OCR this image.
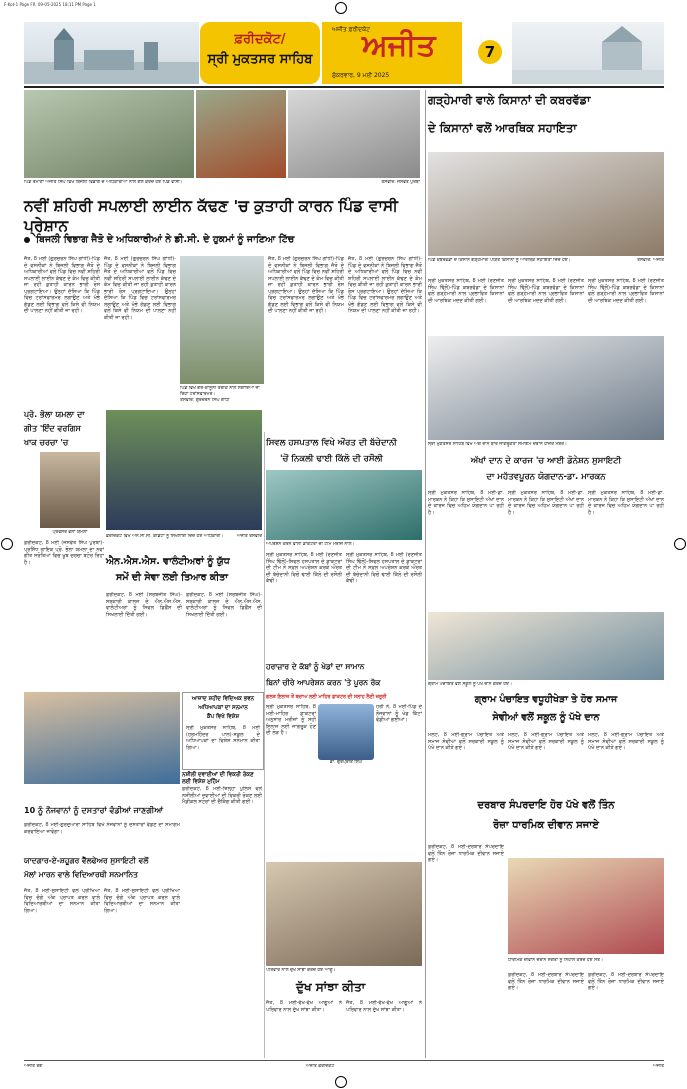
F-Kot-1 Page FR. 09-05-2025 18:11 PM Page 1
ਫ਼ਰੀਦਕੋਟ/
ਸ੍ਰੀ ਮੁਕਤਸਰ ਸਾਹਿਬ
ਅਜੀਤ ਫ਼ਰੀਦਕੋਟ
ਅਜੀਤ
ਸ਼ੁੱਕਰਵਾਰ, 9 ਮਈ 2025
7
ਪਿੰਡ ਰੋਮਾਣਾ ਅਜੀਤ ਸਿੰਘ ਵਿਖੇ ਬਿਜਲੀ ਵਿਭਾਗ ਦੇ ਅਧਿਕਾਰੀਆਂ ਨਾਲ ਗੱਲ ਕਰਦੇ ਹੋਏ ਪਿੰਡ ਵਾਸੀ।	ਤਸਵੀਰ: ਜਸਵੰਤ ਪੁਰਬਾ
ਨਵੀਂ ਸ਼ਹਿਰੀ ਸਪਲਾਈ ਲਾਈਨ ਕੱਢਣ 'ਚ ਕੁਤਾਹੀ ਕਾਰਨ ਪਿੰਡ ਵਾਸੀ ਪ੍ਰੇਸ਼ਾਨ
ਬਿਜਲੀ ਵਿਭਾਗ ਜੈਤੋ ਦੇ ਅਧਿਕਾਰੀਆਂ ਨੇ ਡੀ.ਸੀ. ਦੇ ਹੁਕਮਾਂ ਨੂੰ ਜਾਣਿਆ ਟਿੱਚ
ਜੈਤੋ, 8 ਮਈ (ਗੁਰਚਰਨ ਸਿੰਘ ਗਾਂਧੀ)-ਪਿੰਡ ਦੇ ਵਸਨੀਕਾਂ ਨੇ ਬਿਜਲੀ ਵਿਭਾਗ ਜੈਤੋ ਦੇ ਅਧਿਕਾਰੀਆਂ ਵਲੋਂ ਪਿੰਡ ਵਿਚ ਨਵੀਂ ਸ਼ਹਿਰੀ ਸਪਲਾਈ ਲਾਈਨ ਕੱਢਣ ਦੇ ਕੰਮ ਵਿਚ ਕੀਤੀ ਜਾ ਰਹੀ ਕੁਤਾਹੀ ਕਾਰਨ ਭਾਰੀ ਰੋਸ ਪ੍ਰਗਟਾਇਆ। ਉਨ੍ਹਾਂ ਦੱਸਿਆ ਕਿ ਪਿੰਡ ਵਿਚ ਟਰਾਂਸਫਾਰਮਰ ਲਗਾਉਣ ਅਤੇ ਖੰਭੇ ਗੱਡਣ ਲਈ ਵਿਭਾਗ ਵਲੋਂ ਕਿਸੇ ਵੀ ਨਿਯਮ ਦੀ ਪਾਲਣਾ ਨਹੀਂ ਕੀਤੀ ਜਾ ਰਹੀ।
ਜੈਤੋ, 8 ਮਈ (ਗੁਰਚਰਨ ਸਿੰਘ ਗਾਂਧੀ)-ਪਿੰਡ ਦੇ ਵਸਨੀਕਾਂ ਨੇ ਬਿਜਲੀ ਵਿਭਾਗ ਜੈਤੋ ਦੇ ਅਧਿਕਾਰੀਆਂ ਵਲੋਂ ਪਿੰਡ ਵਿਚ ਨਵੀਂ ਸ਼ਹਿਰੀ ਸਪਲਾਈ ਲਾਈਨ ਕੱਢਣ ਦੇ ਕੰਮ ਵਿਚ ਕੀਤੀ ਜਾ ਰਹੀ ਕੁਤਾਹੀ ਕਾਰਨ ਭਾਰੀ ਰੋਸ ਪ੍ਰਗਟਾਇਆ। ਉਨ੍ਹਾਂ ਦੱਸਿਆ ਕਿ ਪਿੰਡ ਵਿਚ ਟਰਾਂਸਫਾਰਮਰ ਲਗਾਉਣ ਅਤੇ ਖੰਭੇ ਗੱਡਣ ਲਈ ਵਿਭਾਗ ਵਲੋਂ ਕਿਸੇ ਵੀ ਨਿਯਮ ਦੀ ਪਾਲਣਾ ਨਹੀਂ ਕੀਤੀ ਜਾ ਰਹੀ।
ਪਿੰਡ ਵਿਖੇ ਗੈਰ-ਕਾਨੂੰਨੀ ਤਰੀਕੇ ਨਾਲ ਲਗਾਇਆ ਜਾ ਰਿਹਾ ਟਰਾਂਸਫਾਰਮਰ।
ਤਸਵੀਰ: ਗੁਰਚਰਨ ਸਿੰਘ ਗਾਂਧੀ
ਜੈਤੋ, 8 ਮਈ (ਗੁਰਚਰਨ ਸਿੰਘ ਗਾਂਧੀ)-ਪਿੰਡ ਦੇ ਵਸਨੀਕਾਂ ਨੇ ਬਿਜਲੀ ਵਿਭਾਗ ਜੈਤੋ ਦੇ ਅਧਿਕਾਰੀਆਂ ਵਲੋਂ ਪਿੰਡ ਵਿਚ ਨਵੀਂ ਸ਼ਹਿਰੀ ਸਪਲਾਈ ਲਾਈਨ ਕੱਢਣ ਦੇ ਕੰਮ ਵਿਚ ਕੀਤੀ ਜਾ ਰਹੀ ਕੁਤਾਹੀ ਕਾਰਨ ਭਾਰੀ ਰੋਸ ਪ੍ਰਗਟਾਇਆ। ਉਨ੍ਹਾਂ ਦੱਸਿਆ ਕਿ ਪਿੰਡ ਵਿਚ ਟਰਾਂਸਫਾਰਮਰ ਲਗਾਉਣ ਅਤੇ ਖੰਭੇ ਗੱਡਣ ਲਈ ਵਿਭਾਗ ਵਲੋਂ ਕਿਸੇ ਵੀ ਨਿਯਮ ਦੀ ਪਾਲਣਾ ਨਹੀਂ ਕੀਤੀ ਜਾ ਰਹੀ।
ਜੈਤੋ, 8 ਮਈ (ਗੁਰਚਰਨ ਸਿੰਘ ਗਾਂਧੀ)-ਪਿੰਡ ਦੇ ਵਸਨੀਕਾਂ ਨੇ ਬਿਜਲੀ ਵਿਭਾਗ ਜੈਤੋ ਦੇ ਅਧਿਕਾਰੀਆਂ ਵਲੋਂ ਪਿੰਡ ਵਿਚ ਨਵੀਂ ਸ਼ਹਿਰੀ ਸਪਲਾਈ ਲਾਈਨ ਕੱਢਣ ਦੇ ਕੰਮ ਵਿਚ ਕੀਤੀ ਜਾ ਰਹੀ ਕੁਤਾਹੀ ਕਾਰਨ ਭਾਰੀ ਰੋਸ ਪ੍ਰਗਟਾਇਆ। ਉਨ੍ਹਾਂ ਦੱਸਿਆ ਕਿ ਪਿੰਡ ਵਿਚ ਟਰਾਂਸਫਾਰਮਰ ਲਗਾਉਣ ਅਤੇ ਖੰਭੇ ਗੱਡਣ ਲਈ ਵਿਭਾਗ ਵਲੋਂ ਕਿਸੇ ਵੀ ਨਿਯਮ ਦੀ ਪਾਲਣਾ ਨਹੀਂ ਕੀਤੀ ਜਾ ਰਹੀ।
ਪ੍ਰੋ. ਭੋਲਾ ਯਮਲਾ ਦਾ
ਗੀਤ 'ਇੰਦ ਵਰਗਿਸ
ਖਾਕ ਚਰਚਾ 'ਚ
ਪ੍ਰੋਫੈਸਰ ਭੋਲਾ ਯਮਲਾ
ਫ਼ਰੀਦਕੋਟ, 8 ਮਈ (ਜਸਵੰਤ ਸਿੰਘ ਪੁਰਬਾ)-ਪ੍ਰਸਿੱਧ ਗਾਇਕ ਪ੍ਰੋ. ਭੋਲਾ ਯਮਲਾ ਦਾ ਨਵਾਂ ਗੀਤ ਸਰੋਤਿਆਂ ਵਿਚ ਖੂਬ ਚਰਚਾ ਬਟੋਰ ਰਿਹਾ ਹੈ।
ਫ਼ਰੀਦਕੋਟ ਵਿਖੇ ਐਨ.ਸੀ.ਸੀ. ਕੈਡਿਟਾਂ ਨੂੰ ਸਿਖਲਾਈ ਦਿੰਦੇ ਹੋਏ ਅਧਿਕਾਰੀ।	ਅਜੀਤ ਤਸਵੀਰ
ਐਨ.ਐਸ.ਐਸ. ਵਾਲੰਟੀਅਰਾਂ ਨੂੰ ਯੁੱਧ
ਸਮੇਂ ਦੀ ਸੇਵਾ ਲਈ ਤਿਆਰ ਕੀਤਾ
ਫ਼ਰੀਦਕੋਟ, 8 ਮਈ (ਸਰਬਜੀਤ ਸਿੰਘ)-ਸਰਕਾਰੀ ਕਾਲਜ ਦੇ ਐਨ.ਐਸ.ਐਸ. ਵਾਲੰਟੀਅਰਾਂ ਨੂੰ ਸਿਵਲ ਡਿਫੈਂਸ ਦੀ ਸਿਖਲਾਈ ਦਿੱਤੀ ਗਈ।
ਫ਼ਰੀਦਕੋਟ, 8 ਮਈ (ਸਰਬਜੀਤ ਸਿੰਘ)-ਸਰਕਾਰੀ ਕਾਲਜ ਦੇ ਐਨ.ਐਸ.ਐਸ. ਵਾਲੰਟੀਅਰਾਂ ਨੂੰ ਸਿਵਲ ਡਿਫੈਂਸ ਦੀ ਸਿਖਲਾਈ ਦਿੱਤੀ ਗਈ।
ਸਿਵਲ ਹਸਪਤਾਲ ਵਿਖੇ ਔਰਤ ਦੀ ਬੱਚੇਦਾਨੀ
'ਚੋਂ ਨਿਕਲੀ ਢਾਈ ਕਿੱਲੋ ਦੀ ਰਸੌਲੀ
ਅਪਰੇਸ਼ਨ ਕਰਨ ਵਾਲੀ ਡਾਕਟਰਾਂ ਦੀ ਟੀਮ ਮਰੀਜ਼ ਨਾਲ।
ਸ੍ਰੀ ਮੁਕਤਸਰ ਸਾਹਿਬ, 8 ਮਈ (ਰਣਜੀਤ ਸਿੰਘ ਢਿੱਲੋਂ)-ਸਿਵਲ ਹਸਪਤਾਲ ਦੇ ਡਾਕਟਰਾਂ ਦੀ ਟੀਮ ਨੇ ਸਫ਼ਲ ਅਪਰੇਸ਼ਨ ਕਰਕੇ ਔਰਤ ਦੀ ਬੱਚੇਦਾਨੀ ਵਿਚੋਂ ਢਾਈ ਕਿੱਲੋ ਦੀ ਰਸੌਲੀ ਕੱਢੀ।
ਸ੍ਰੀ ਮੁਕਤਸਰ ਸਾਹਿਬ, 8 ਮਈ (ਰਣਜੀਤ ਸਿੰਘ ਢਿੱਲੋਂ)-ਸਿਵਲ ਹਸਪਤਾਲ ਦੇ ਡਾਕਟਰਾਂ ਦੀ ਟੀਮ ਨੇ ਸਫ਼ਲ ਅਪਰੇਸ਼ਨ ਕਰਕੇ ਔਰਤ ਦੀ ਬੱਚੇਦਾਨੀ ਵਿਚੋਂ ਢਾਈ ਕਿੱਲੋ ਦੀ ਰਸੌਲੀ ਕੱਢੀ।
ਹਰਾਜ਼ਾਰ ਦੇ ਕੱਬਾਂ ਨੂੰ ਖੇਡਾਂ ਦਾ ਸਾਮਾਨ
ਬਿਨਾਂ ਚੀਰੇ ਆਪਰੇਸ਼ਨ ਕਰਨ 'ਤੇ ਪੂਰਨ ਰੋਕ
ਗਲਤ ਇਲਾਜ ਤੋਂ ਬਚਾਅ ਲਈ ਮਾਹਿਰ ਡਾਕਟਰ ਦੀ ਸਲਾਹ ਲੈਣੀ ਜ਼ਰੂਰੀ
ਸ੍ਰੀ ਮੁਕਤਸਰ ਸਾਹਿਬ, 8 ਮਈ-ਮਾਹਿਰ ਡਾਕਟਰਾਂ ਅਨੁਸਾਰ ਮਰੀਜ਼ਾਂ ਨੂੰ ਸਹੀ ਇਲਾਜ ਲਈ ਜਾਗਰੂਕ ਹੋਣ ਦੀ ਲੋੜ ਹੈ।
ਡਾ. ਗੁਰਪ੍ਰੀਤ ਸਿੰਘ
ਹਰੀ ਨੌ, 8 ਮਈ-ਪਿੰਡ ਦੇ ਨੌਜਵਾਨਾਂ ਨੂੰ ਖੇਡ ਕਿੱਟਾਂ ਵੰਡੀਆਂ ਗਈਆਂ।
10 ਨੂੰ ਨੌਜਵਾਨਾਂ ਨੂੰ ਦਸਤਾਰਾਂ ਵੰਡੀਆਂ ਜਾਣਗੀਆਂ
ਫ਼ਰੀਦਕੋਟ, 8 ਮਈ-ਗੁਰਦੁਆਰਾ ਸਾਹਿਬ ਵਿਖੇ ਨੌਜਵਾਨਾਂ ਨੂੰ ਦਸਤਾਰਾਂ ਵੰਡਣ ਦਾ ਸਮਾਗਮ ਕਰਵਾਇਆ ਜਾਵੇਗਾ।
ਆਜ਼ਾਦ ਸ਼ਹੀਦ ਵਿਦਿਅਕ ਭਵਨ
ਅਧਿਆਪਕਾਂ ਦਾ ਸਨਮਾਨ
ਕੈਂਪ ਵਿਖੇ ਵਿਸ਼ੇਸ਼
ਸ੍ਰੀ ਮੁਕਤਸਰ ਸਾਹਿਬ, 8 ਮਈ (ਹਰਮਹਿੰਦਰ ਪਾਲ)-ਸਕੂਲ ਦੇ ਅਧਿਆਪਕਾਂ ਦਾ ਵਿਸ਼ੇਸ਼ ਸਨਮਾਨ ਕੀਤਾ ਗਿਆ।
ਨਸ਼ੀਲੀ ਦਵਾਈਆਂ ਦੀ ਵਿਕਰੀ ਰੋਕਣ ਲਈ ਵਿਸ਼ੇਸ਼ ਮੁਹਿੰਮ
ਫ਼ਰੀਦਕੋਟ, 8 ਮਈ-ਜ਼ਿਲ੍ਹਾ ਪੁਲਿਸ ਵਲੋਂ ਨਸ਼ੀਲੀਆਂ ਦਵਾਈਆਂ ਦੀ ਵਿਕਰੀ ਰੋਕਣ ਲਈ ਮੈਡੀਕਲ ਸਟੋਰਾਂ ਦੀ ਚੈਕਿੰਗ ਕੀਤੀ ਗਈ।
ਯਾਦਗਾਰ-ਏ-ਸ਼ਹੂਗਰ ਵੈੱਲਫੇਅਰ ਸੁਸਾਇਟੀ ਵਲੋਂ
ਮੱਲਾਂ ਮਾਰਨ ਵਾਲੇ ਵਿਦਿਆਰਥੀ ਸਨਮਾਨਿਤ
ਜੈਤੋ, 8 ਮਈ-ਸੁਸਾਇਟੀ ਵਲੋਂ ਪ੍ਰੀਖਿਆ ਵਿਚ ਚੰਗੇ ਅੰਕ ਪ੍ਰਾਪਤ ਕਰਨ ਵਾਲੇ ਵਿਦਿਆਰਥੀਆਂ ਦਾ ਸਨਮਾਨ ਕੀਤਾ ਗਿਆ।
ਜੈਤੋ, 8 ਮਈ-ਸੁਸਾਇਟੀ ਵਲੋਂ ਪ੍ਰੀਖਿਆ ਵਿਚ ਚੰਗੇ ਅੰਕ ਪ੍ਰਾਪਤ ਕਰਨ ਵਾਲੇ ਵਿਦਿਆਰਥੀਆਂ ਦਾ ਸਨਮਾਨ ਕੀਤਾ ਗਿਆ।
ਪਰਿਵਾਰ ਨਾਲ ਦੁੱਖ ਸਾਂਝਾ ਕਰਦੇ ਹੋਏ ਆਗੂ।
ਦੁੱਖ ਸਾਂਝਾ ਕੀਤਾ
ਜੈਤੋ, 8 ਮਈ-ਵੱਖ-ਵੱਖ ਆਗੂਆਂ ਨੇ ਪਰਿਵਾਰ ਨਾਲ ਦੁੱਖ ਸਾਂਝਾ ਕੀਤਾ।
ਜੈਤੋ, 8 ਮਈ-ਵੱਖ-ਵੱਖ ਆਗੂਆਂ ਨੇ ਪਰਿਵਾਰ ਨਾਲ ਦੁੱਖ ਸਾਂਝਾ ਕੀਤਾ।
ਗੜ੍ਹੇਮਾਰੀ ਵਾਲੇ ਕਿਸਾਨਾਂ ਦੀ ਕਬਰਵੱਡਾ
ਦੇ ਕਿਸਾਨਾਂ ਵਲੋਂ ਆਰਥਿਕ ਸਹਾਇਤਾ
ਪਿੰਡ ਕਬਰਵੱਡਾ ਦੇ ਕਿਸਾਨ ਗੜ੍ਹੇਮਾਰੀ ਪੀੜਤ ਕਿਸਾਨਾਂ ਨੂੰ ਆਰਥਿਕ ਸਹਾਇਤਾ ਦਿੰਦੇ ਹੋਏ।	ਤਸਵੀਰ: ਅਜੀਤ
ਸ੍ਰੀ ਮੁਕਤਸਰ ਸਾਹਿਬ, 8 ਮਈ (ਰਣਜੀਤ ਸਿੰਘ ਢਿੱਲੋਂ)-ਪਿੰਡ ਕਬਰਵੱਡਾ ਦੇ ਕਿਸਾਨਾਂ ਵਲੋਂ ਗੜ੍ਹੇਮਾਰੀ ਨਾਲ ਪ੍ਰਭਾਵਿਤ ਕਿਸਾਨਾਂ ਦੀ ਆਰਥਿਕ ਮਦਦ ਕੀਤੀ ਗਈ।
ਸ੍ਰੀ ਮੁਕਤਸਰ ਸਾਹਿਬ, 8 ਮਈ (ਰਣਜੀਤ ਸਿੰਘ ਢਿੱਲੋਂ)-ਪਿੰਡ ਕਬਰਵੱਡਾ ਦੇ ਕਿਸਾਨਾਂ ਵਲੋਂ ਗੜ੍ਹੇਮਾਰੀ ਨਾਲ ਪ੍ਰਭਾਵਿਤ ਕਿਸਾਨਾਂ ਦੀ ਆਰਥਿਕ ਮਦਦ ਕੀਤੀ ਗਈ।
ਸ੍ਰੀ ਮੁਕਤਸਰ ਸਾਹਿਬ, 8 ਮਈ (ਰਣਜੀਤ ਸਿੰਘ ਢਿੱਲੋਂ)-ਪਿੰਡ ਕਬਰਵੱਡਾ ਦੇ ਕਿਸਾਨਾਂ ਵਲੋਂ ਗੜ੍ਹੇਮਾਰੀ ਨਾਲ ਪ੍ਰਭਾਵਿਤ ਕਿਸਾਨਾਂ ਦੀ ਆਰਥਿਕ ਮਦਦ ਕੀਤੀ ਗਈ।
ਸ੍ਰੀ ਮੁਕਤਸਰ ਸਾਹਿਬ ਵਿਖੇ ਅੰਗ ਦਾਨ ਬਾਰੇ ਜਾਗਰੂਕਤਾ ਸਮਾਗਮ ਦੌਰਾਨ ਹਾਜ਼ਰ ਮੈਂਬਰ।
ਅੱਖਾਂ ਦਾਨ ਦੇ ਕਾਰਜ 'ਚ ਆਈ ਡੋਨੇਸ਼ਨ ਸੁਸਾਇਟੀ
ਦਾ ਮਹੱਤਵਪੂਰਨ ਯੋਗਦਾਨ-ਡਾ. ਮਾਰਕਨ
ਸ੍ਰੀ ਮੁਕਤਸਰ ਸਾਹਿਬ, 8 ਮਈ-ਡਾ. ਮਾਰਕਨ ਨੇ ਕਿਹਾ ਕਿ ਸੁਸਾਇਟੀ ਅੱਖਾਂ ਦਾਨ ਦੇ ਕਾਰਜ ਵਿਚ ਅਹਿਮ ਯੋਗਦਾਨ ਪਾ ਰਹੀ ਹੈ।
ਸ੍ਰੀ ਮੁਕਤਸਰ ਸਾਹਿਬ, 8 ਮਈ-ਡਾ. ਮਾਰਕਨ ਨੇ ਕਿਹਾ ਕਿ ਸੁਸਾਇਟੀ ਅੱਖਾਂ ਦਾਨ ਦੇ ਕਾਰਜ ਵਿਚ ਅਹਿਮ ਯੋਗਦਾਨ ਪਾ ਰਹੀ ਹੈ।
ਸ੍ਰੀ ਮੁਕਤਸਰ ਸਾਹਿਬ, 8 ਮਈ-ਡਾ. ਮਾਰਕਨ ਨੇ ਕਿਹਾ ਕਿ ਸੁਸਾਇਟੀ ਅੱਖਾਂ ਦਾਨ ਦੇ ਕਾਰਜ ਵਿਚ ਅਹਿਮ ਯੋਗਦਾਨ ਪਾ ਰਹੀ ਹੈ।
ਗ੍ਰਾਮ ਪੰਚਾਇਤ ਵਲੋਂ ਸਕੂਲ ਨੂੰ ਪੱਖੇ ਦਾਨ ਕਰਦੇ ਹੋਏ।
ਗ੍ਰਾਮ ਪੰਚਾਇਤ ਵਧੂਹੀਖੇੜਾ ਤੇ ਹੋਰ ਸਮਾਜ
ਸੇਵੀਆਂ ਵਲੋਂ ਸਕੂਲ ਨੂੰ ਪੱਖੇ ਦਾਨ
ਮਲੋਟ, 8 ਮਈ-ਗ੍ਰਾਮ ਪੰਚਾਇਤ ਅਤੇ ਸਮਾਜ ਸੇਵੀਆਂ ਵਲੋਂ ਸਰਕਾਰੀ ਸਕੂਲ ਨੂੰ ਪੱਖੇ ਦਾਨ ਕੀਤੇ ਗਏ।
ਮਲੋਟ, 8 ਮਈ-ਗ੍ਰਾਮ ਪੰਚਾਇਤ ਅਤੇ ਸਮਾਜ ਸੇਵੀਆਂ ਵਲੋਂ ਸਰਕਾਰੀ ਸਕੂਲ ਨੂੰ ਪੱਖੇ ਦਾਨ ਕੀਤੇ ਗਏ।
ਮਲੋਟ, 8 ਮਈ-ਗ੍ਰਾਮ ਪੰਚਾਇਤ ਅਤੇ ਸਮਾਜ ਸੇਵੀਆਂ ਵਲੋਂ ਸਰਕਾਰੀ ਸਕੂਲ ਨੂੰ ਪੱਖੇ ਦਾਨ ਕੀਤੇ ਗਏ।
ਦਰਬਾਰ ਸੰਪਰਦਾਇ ਹੋਰ ਪੱਖੇ ਵਲੋਂ ਤਿੰਨ
ਰੋਜ਼ਾ ਧਾਰਮਿਕ ਦੀਵਾਨ ਸਜਾਏ
ਫ਼ਰੀਦਕੋਟ, 8 ਮਈ-ਦਰਬਾਰ ਸੰਪਰਦਾਇ ਵਲੋਂ ਤਿੰਨ ਰੋਜ਼ਾ ਧਾਰਮਿਕ ਦੀਵਾਨ ਸਜਾਏ ਗਏ।
ਧਾਰਮਿਕ ਦੀਵਾਨ ਦੌਰਾਨ ਸੰਗਤਾਂ ਨੂੰ ਨਿਹਾਲ ਕਰਦੇ ਹੋਏ ਸੰਤ।
ਫ਼ਰੀਦਕੋਟ, 8 ਮਈ-ਦਰਬਾਰ ਸੰਪਰਦਾਇ ਵਲੋਂ ਤਿੰਨ ਰੋਜ਼ਾ ਧਾਰਮਿਕ ਦੀਵਾਨ ਸਜਾਏ ਗਏ।
ਫ਼ਰੀਦਕੋਟ, 8 ਮਈ-ਦਰਬਾਰ ਸੰਪਰਦਾਇ ਵਲੋਂ ਤਿੰਨ ਰੋਜ਼ਾ ਧਾਰਮਿਕ ਦੀਵਾਨ ਸਜਾਏ ਗਏ।
ਅਜੀਤ ਰੰਗ	ਅਜੀਤ ਫ਼ਰੀਦਕੋਟ	ਅਜੀਤ
